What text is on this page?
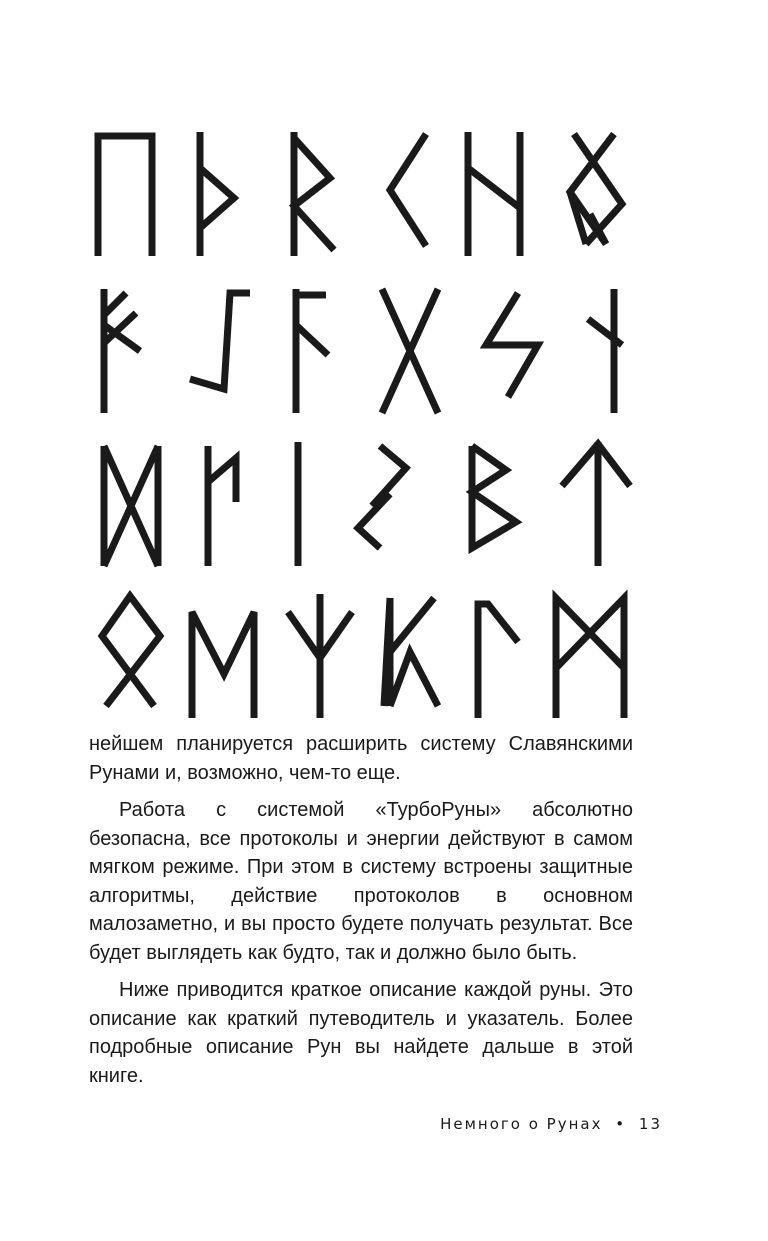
нейшем планируется расширить систему Славянскими Рунами и, возможно, чем-то еще.

Работа с системой «ТурбоРуны» абсолютно безопасна, все протоколы и энергии действуют в самом мягком режиме. При этом в систему встроены защитные алгоритмы, действие протоколов в основном малозаметно, и вы просто будете получать результат. Все будет выглядеть как будто, так и должно было быть.

Ниже приводится краткое описание каждой руны. Это описание как краткий путеводитель и указатель. Более подробные описание Рун вы найдете дальше в этой книге.

Немного о Рунах • 13
